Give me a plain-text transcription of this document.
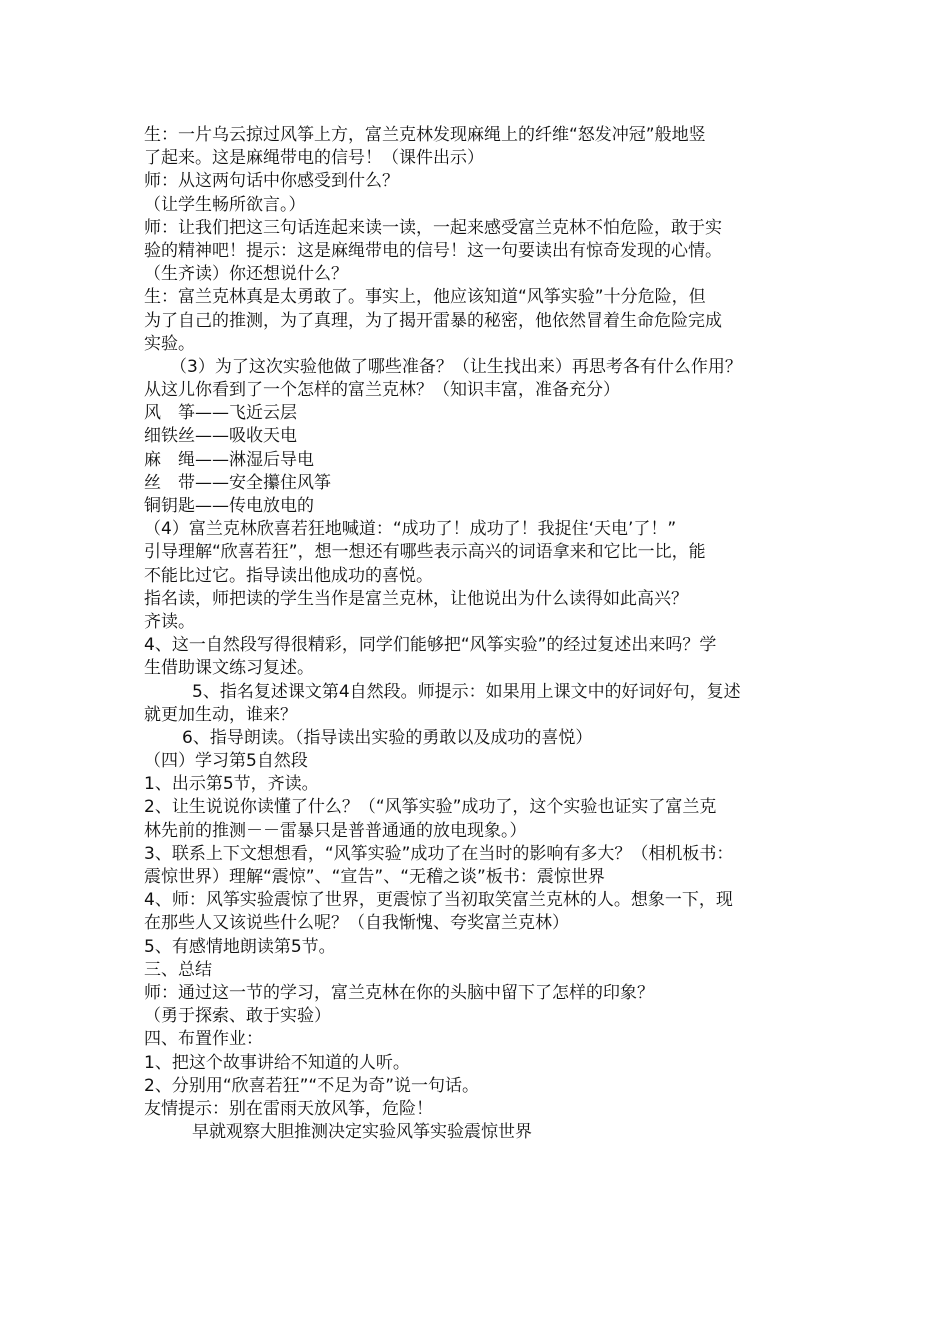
生：一片乌云掠过风筝上方，富兰克林发现麻绳上的纤维“怒发冲冠”般地竖
了起来。这是麻绳带电的信号！（课件出示）
师：从这两句话中你感受到什么？
（让学生畅所欲言。）
师：让我们把这三句话连起来读一读，一起来感受富兰克林不怕危险，敢于实
验的精神吧！提示：这是麻绳带电的信号！这一句要读出有惊奇发现的心情。
（生齐读）你还想说什么？
生：富兰克林真是太勇敢了。事实上，他应该知道“风筝实验”十分危险，但
为了自己的推测，为了真理，为了揭开雷暴的秘密，他依然冒着生命危险完成
实验。
（3）为了这次实验他做了哪些准备？（让生找出来）再思考各有什么作用？
从这儿你看到了一个怎样的富兰克林？（知识丰富，准备充分）
风　筝——飞近云层
细铁丝——吸收天电
麻　绳——淋湿后导电
丝　带——安全攥住风筝
铜钥匙——传电放电的
（4）富兰克林欣喜若狂地喊道：“成功了！成功了！我捉住‘天电’了！”
引导理解“欣喜若狂”，想一想还有哪些表示高兴的词语拿来和它比一比，能
不能比过它。指导读出他成功的喜悦。
指名读，师把读的学生当作是富兰克林，让他说出为什么读得如此高兴？
齐读。
4、这一自然段写得很精彩，同学们能够把“风筝实验”的经过复述出来吗？学
生借助课文练习复述。
5、指名复述课文第4自然段。师提示：如果用上课文中的好词好句，复述
就更加生动，谁来？
6、指导朗读。（指导读出实验的勇敢以及成功的喜悦）
（四）学习第5自然段
1、出示第5节，齐读。
2、让生说说你读懂了什么？（“风筝实验”成功了，这个实验也证实了富兰克
林先前的推测－－雷暴只是普普通通的放电现象。）
3、联系上下文想想看，“风筝实验”成功了在当时的影响有多大？（相机板书：
震惊世界）理解“震惊”、“宣告”、“无稽之谈”板书：震惊世界
4、师：风筝实验震惊了世界，更震惊了当初取笑富兰克林的人。想象一下，现
在那些人又该说些什么呢？（自我惭愧、夸奖富兰克林）
5、有感情地朗读第5节。
三、总结
师：通过这一节的学习，富兰克林在你的头脑中留下了怎样的印象？
（勇于探索、敢于实验）
四、布置作业：
1、把这个故事讲给不知道的人听。
2、分别用“欣喜若狂”“不足为奇”说一句话。
友情提示：别在雷雨天放风筝，危险！
早就观察大胆推测决定实验风筝实验震惊世界
